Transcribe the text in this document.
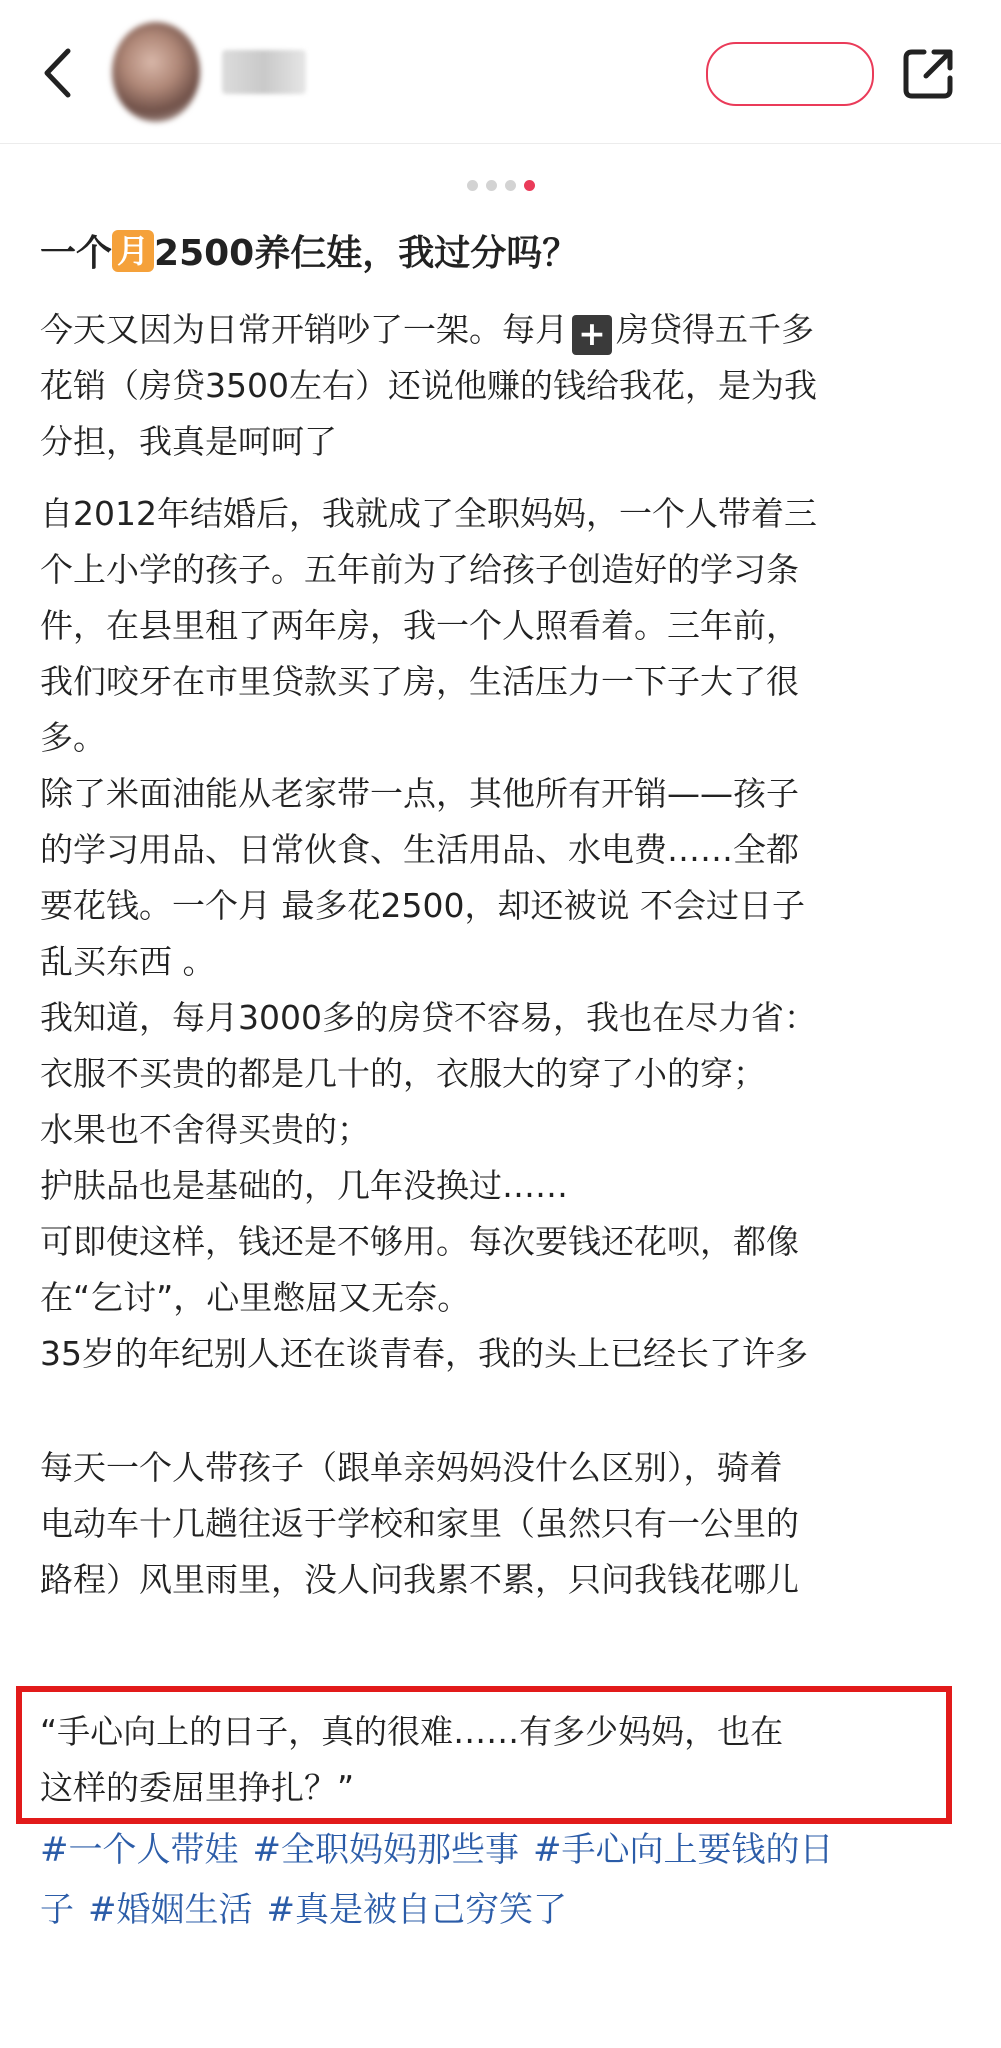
一个 月 2500养仨娃，我过分吗？

今天又因为日常开销吵了一架。每月 + 房贷得五千多

花销（房贷3500左右）还说他赚的钱给我花，是为我

分担，我真是呵呵了

自2012年结婚后，我就成了全职妈妈，一个人带着三

个上小学的孩子。五年前为了给孩子创造好的学习条

件，在县里租了两年房，我一个人照看着。三年前，

我们咬牙在市里贷款买了房，生活压力一下子大了很

多。

除了米面油能从老家带一点，其他所有开销——孩子

的学习用品、日常伙食、生活用品、水电费……全都

要花钱。一个月 最多花2500，却还被说 不会过日子

乱买东西 。

我知道，每月3000多的房贷不容易，我也在尽力省：

衣服不买贵的都是几十的，衣服大的穿了小的穿；

水果也不舍得买贵的；

护肤品也是基础的，几年没换过……

可即使这样，钱还是不够用。每次要钱还花呗，都像

在“乞讨”，心里憋屈又无奈。

35岁的年纪别人还在谈青春，我的头上已经长了许多

每天一个人带孩子（跟单亲妈妈没什么区别），骑着

电动车十几趟往返于学校和家里（虽然只有一公里的

路程）风里雨里，没人问我累不累，只问我钱花哪儿

“手心向上的日子，真的很难……有多少妈妈，也在
这样的委屈里挣扎？”
#一个人带娃 #全职妈妈那些事 #手心向上要钱的日
子 #婚姻生活 #真是被自己穷笑了
